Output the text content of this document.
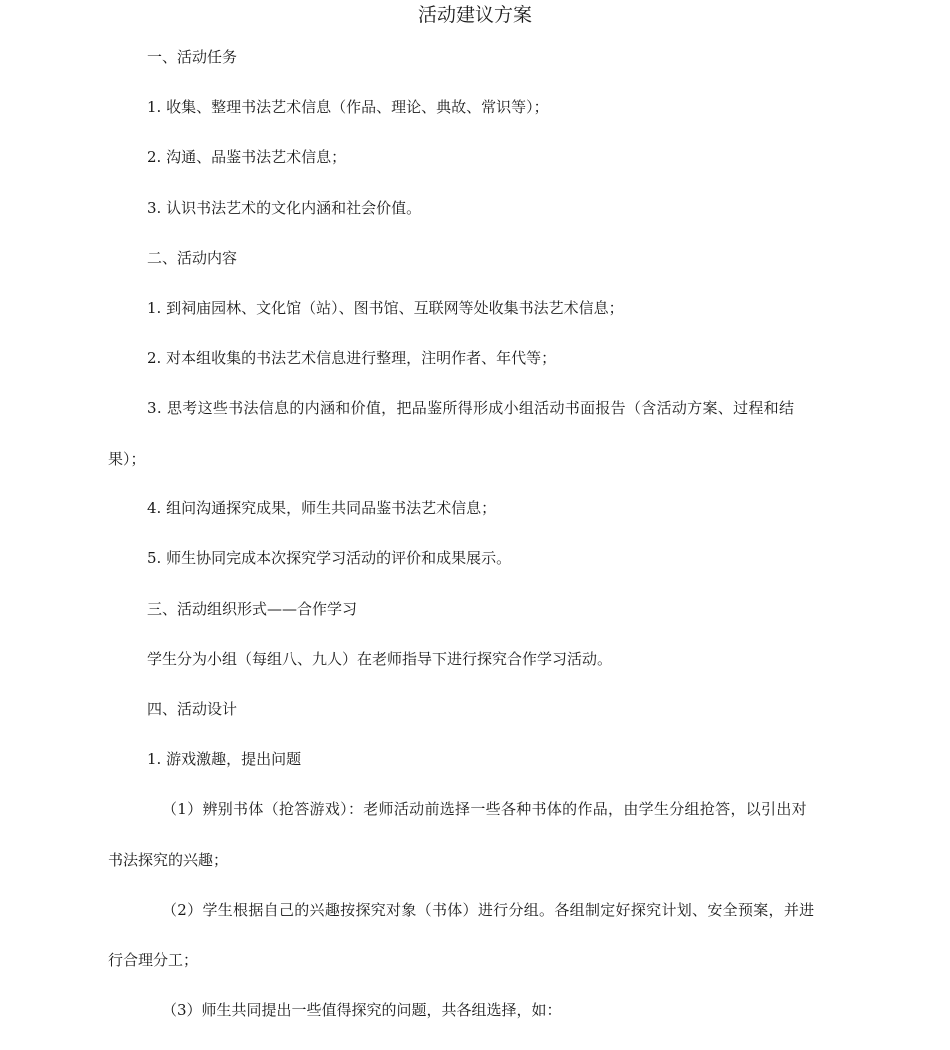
活动建议方案
一、活动任务
1. 收集、整理书法艺术信息（作品、理论、典故、常识等）；
2. 沟通、品鉴书法艺术信息；
3. 认识书法艺术的文化内涵和社会价值。
二、活动内容
1. 到祠庙园林、文化馆（站）、图书馆、互联网等处收集书法艺术信息；
2. 对本组收集的书法艺术信息进行整理，注明作者、年代等；
3. 思考这些书法信息的内涵和价值，把品鉴所得形成小组活动书面报告（含活动方案、过程和结
果）；
4. 组问沟通探究成果，师生共同品鉴书法艺术信息；
5. 师生协同完成本次探究学习活动的评价和成果展示。
三、活动组织形式——合作学习
学生分为小组（每组八、九人）在老师指导下进行探究合作学习活动。
四、活动设计
1. 游戏激趣，提出问题
（1）辨别书体（抢答游戏）：老师活动前选择一些各种书体的作品，由学生分组抢答，以引出对
书法探究的兴趣；
（2）学生根据自己的兴趣按探究对象（书体）进行分组。各组制定好探究计划、安全预案，并进
行合理分工；
（3）师生共同提出一些值得探究的问题，共各组选择，如：
